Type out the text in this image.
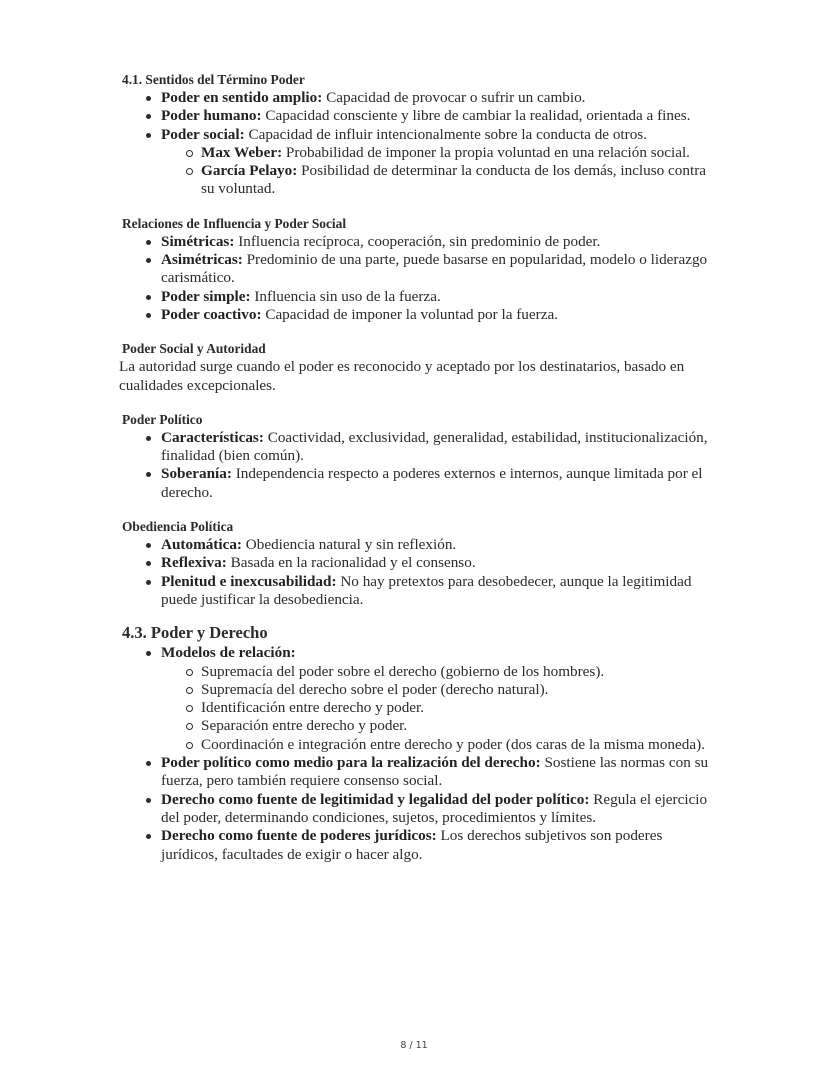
4.1. Sentidos del Término Poder
Poder en sentido amplio: Capacidad de provocar o sufrir un cambio.
Poder humano: Capacidad consciente y libre de cambiar la realidad, orientada a fines.
Poder social: Capacidad de influir intencionalmente sobre la conducta de otros.
Max Weber: Probabilidad de imponer la propia voluntad en una relación social.
García Pelayo: Posibilidad de determinar la conducta de los demás, incluso contra su voluntad.
Relaciones de Influencia y Poder Social
Simétricas: Influencia recíproca, cooperación, sin predominio de poder.
Asimétricas: Predominio de una parte, puede basarse en popularidad, modelo o liderazgo carismático.
Poder simple: Influencia sin uso de la fuerza.
Poder coactivo: Capacidad de imponer la voluntad por la fuerza.
Poder Social y Autoridad

La autoridad surge cuando el poder es reconocido y aceptado por los destinatarios, basado en cualidades excepcionales.

Poder Político
Características: Coactividad, exclusividad, generalidad, estabilidad, institucionalización, finalidad (bien común).
Soberanía: Independencia respecto a poderes externos e internos, aunque limitada por el derecho.
Obediencia Política
Automática: Obediencia natural y sin reflexión.
Reflexiva: Basada en la racionalidad y el consenso.
Plenitud e inexcusabilidad: No hay pretextos para desobedecer, aunque la legitimidad puede justificar la desobediencia.
4.3. Poder y Derecho
Modelos de relación:
Supremacía del poder sobre el derecho (gobierno de los hombres).
Supremacía del derecho sobre el poder (derecho natural).
Identificación entre derecho y poder.
Separación entre derecho y poder.
Coordinación e integración entre derecho y poder (dos caras de la misma moneda).
Poder político como medio para la realización del derecho: Sostiene las normas con su fuerza, pero también requiere consenso social.
Derecho como fuente de legitimidad y legalidad del poder político: Regula el ejercicio del poder, determinando condiciones, sujetos, procedimientos y límites.
Derecho como fuente de poderes jurídicos: Los derechos subjetivos son poderes jurídicos, facultades de exigir o hacer algo.
8 / 11
